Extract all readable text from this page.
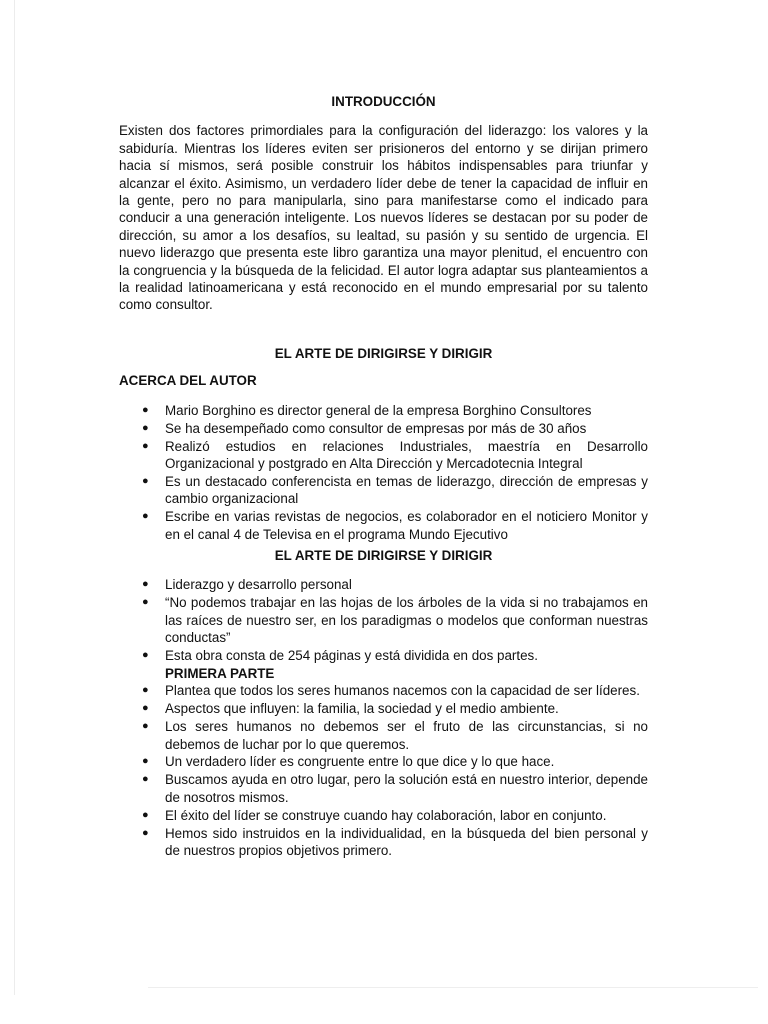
INTRODUCCIÓN

Existen dos factores primordiales para la configuración del liderazgo: los valores y la sabiduría. Mientras los líderes eviten ser prisioneros del entorno y se dirijan primero hacia sí mismos, será posible construir los hábitos indispensables para triunfar y alcanzar el éxito. Asimismo, un verdadero líder debe de tener la capacidad de influir en la gente, pero no para manipularla, sino para manifestarse como el indicado para conducir a una generación inteligente. Los nuevos líderes se destacan por su poder de dirección, su amor a los desafíos, su lealtad, su pasión y su sentido de urgencia. El nuevo liderazgo que presenta este libro garantiza una mayor plenitud, el encuentro con la congruencia y la búsqueda de la felicidad. El autor logra adaptar sus planteamientos a la realidad latinoamericana y está reconocido en el mundo empresarial por su talento como consultor.

EL ARTE DE DIRIGIRSE Y DIRIGIR

ACERCA DEL AUTOR

● Mario Borghino es director general de la empresa Borghino Consultores
● Se ha desempeñado como consultor de empresas por más de 30 años
● Realizó estudios en relaciones Industriales, maestría en Desarrollo Organizacional y postgrado en Alta Dirección y Mercadotecnia Integral
● Es un destacado conferencista en temas de liderazgo, dirección de empresas y cambio organizacional
● Escribe en varias revistas de negocios, es colaborador en el noticiero Monitor y en el canal 4 de Televisa en el programa Mundo Ejecutivo

EL ARTE DE DIRIGIRSE Y DIRIGIR

● Liderazgo y desarrollo personal
● “No podemos trabajar en las hojas de los árboles de la vida si no trabajamos en las raíces de nuestro ser, en los paradigmas o modelos que conforman nuestras conductas”
● Esta obra consta de 254 páginas y está dividida en dos partes.

PRIMERA PARTE

● Plantea que todos los seres humanos nacemos con la capacidad de ser líderes.
● Aspectos que influyen: la familia, la sociedad y el medio ambiente.
● Los seres humanos no debemos ser el fruto de las circunstancias, si no debemos de luchar por lo que queremos.
● Un verdadero líder es congruente entre lo que dice y lo que hace.
● Buscamos ayuda en otro lugar, pero la solución está en nuestro interior, depende de nosotros mismos.
● El éxito del líder se construye cuando hay colaboración, labor en conjunto.
● Hemos sido instruidos en la individualidad, en la búsqueda del bien personal y de nuestros propios objetivos primero.
